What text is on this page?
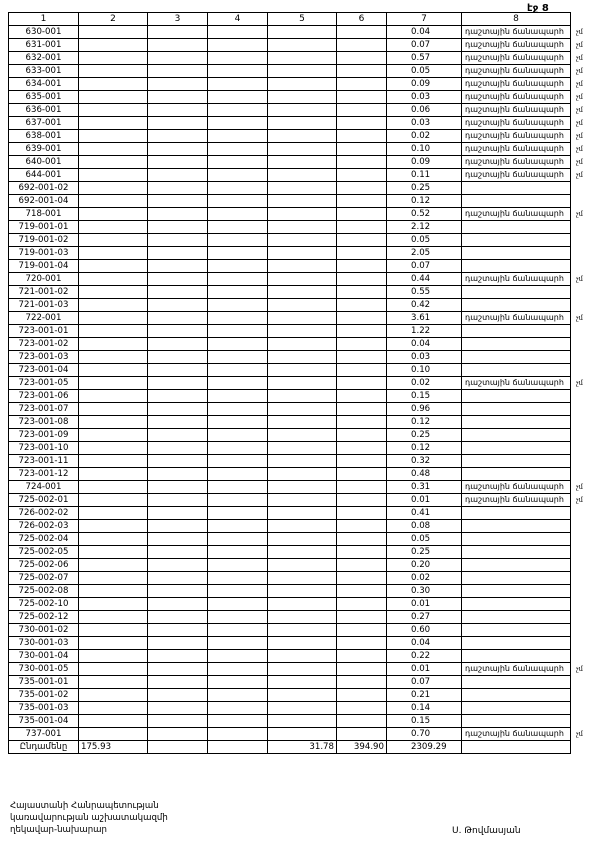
էջ 8
1	2	3	4	5	6	7	8
630-001						0.04	դաշտային ճանապարհ
631-001						0.07	դաշտային ճանապարհ
632-001						0.57	դաշտային ճանապարհ
633-001						0.05	դաշտային ճանապարհ
634-001						0.09	դաշտային ճանապարհ
635-001						0.03	դաշտային ճանապարհ
636-001						0.06	դաշտային ճանապարհ
637-001						0.03	դաշտային ճանապարհ
638-001						0.02	դաշտային ճանապարհ
639-001						0.10	դաշտային ճանապարհ
640-001						0.09	դաշտային ճանապարհ
644-001						0.11	դաշտային ճանապարհ
692-001-02						0.25	
692-001-04						0.12	
718-001						0.52	դաշտային ճանապարհ
719-001-01						2.12	
719-001-02						0.05	
719-001-03						2.05	
719-001-04						0.07	
720-001						0.44	դաշտային ճանապարհ
721-001-02						0.55	
721-001-03						0.42	
722-001						3.61	դաշտային ճանապարհ
723-001-01						1.22	
723-001-02						0.04	
723-001-03						0.03	
723-001-04						0.10	
723-001-05						0.02	դաշտային ճանապարհ
723-001-06						0.15	
723-001-07						0.96	
723-001-08						0.12	
723-001-09						0.25	
723-001-10						0.12	
723-001-11						0.32	
723-001-12						0.48	
724-001						0.31	դաշտային ճանապարհ
725-002-01						0.01	դաշտային ճանապարհ
726-002-02						0.41	
726-002-03						0.08	
725-002-04						0.05	
725-002-05						0.25	
725-002-06						0.20	
725-002-07						0.02	
725-002-08						0.30	
725-002-10						0.01	
725-002-12						0.27	
730-001-02						0.60	
730-001-03						0.04	
730-001-04						0.22	
730-001-05						0.01	դաշտային ճանապարհ
735-001-01						0.07	
735-001-02						0.21	
735-001-03						0.14	
735-001-04						0.15	
737-001						0.70	դաշտային ճանապարհ
Ընդամենը	175.93			31.78	394.90	2309.29	
չմ
չմ
չմ
չմ
չմ
չմ
չմ
չմ
չմ
չմ
չմ
չմ
չմ
չմ
չմ
չմ
չմ
չմ
չմ
չմ
Հայաստանի Հանրապետության
կառավարության աշխատակազմի
ղեկավար-նախարար	Ս. Թովմասյան
